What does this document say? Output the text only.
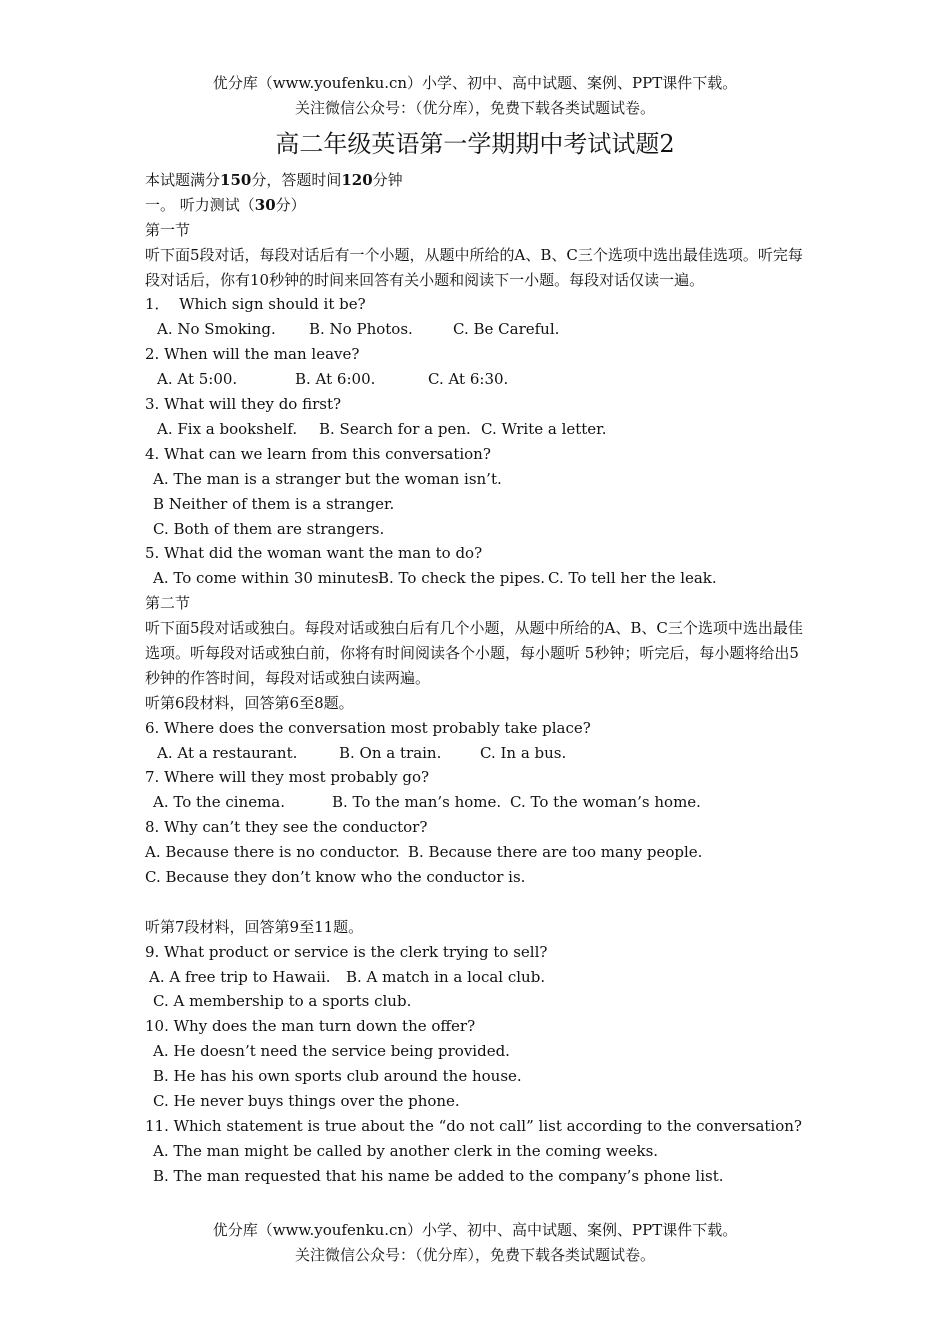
优分库（www.youfenku.cn）小学、初中、高中试题、案例、PPT课件下载。
关注微信公众号：（优分库），免费下载各类试题试卷。
高二年级英语第一学期期中考试试题2
本试题满分150分，答题时间120分钟
一。 听力测试（30分）
第一节
听下面5段对话，每段对话后有一个小题，从题中所给的A、B、C三个选项中选出最佳选项。听完每段对话后，你有10秒钟的时间来回答有关小题和阅读下一小题。每段对话仅读一遍。
1．  Which sign should it be?
A. No Smoking. B. No Photos.	C. Be Careful.
2. When will the man leave?
A. At 5:00.	B. At 6:00.	C. At 6:30.
3. What will they do first?
A. Fix a bookshelf. B. Search for a pen. C. Write a letter.
4. What can we learn from this conversation?
A. The man is a stranger but the woman isn’t.
B Neither of them is a stranger.
C. Both of them are strangers.
5. What did the woman want the man to do?
A. To come within 30 minutes.B. To check the pipes. C. To tell her the leak.
第二节
听下面5段对话或独白。每段对话或独白后有几个小题，从题中所给的A、B、C三个选项中选出最佳选项。听每段对话或独白前，你将有时间阅读各个小题，每小题听 5秒钟；听完后，每小题将给出5秒钟的作答时间，每段对话或独白读两遍。
听第6段材料，回答第6至8题。
6. Where does the conversation most probably take place?
A. At a restaurant.	B. On a train.	C. In a bus.
7. Where will they most probably go?
A. To the cinema.	B. To the man’s home. C. To the woman’s home.
8. Why can’t they see the conductor?
A. Because there is no conductor. B. Because there are too many people.
C. Because they don’t know who the conductor is.
听第7段材料，回答第9至11题。
9. What product or service is the clerk trying to sell?
A. A free trip to Hawaii. B. A match in a local club.
C. A membership to a sports club.
10. Why does the man turn down the offer?
A. He doesn’t need the service being provided.
B. He has his own sports club around the house.
C. He never buys things over the phone.
11. Which statement is true about the “do not call” list according to the conversation?
A. The man might be called by another clerk in the coming weeks.
B. The man requested that his name be added to the company’s phone list.
优分库（www.youfenku.cn）小学、初中、高中试题、案例、PPT课件下载。
关注微信公众号：（优分库），免费下载各类试题试卷。
